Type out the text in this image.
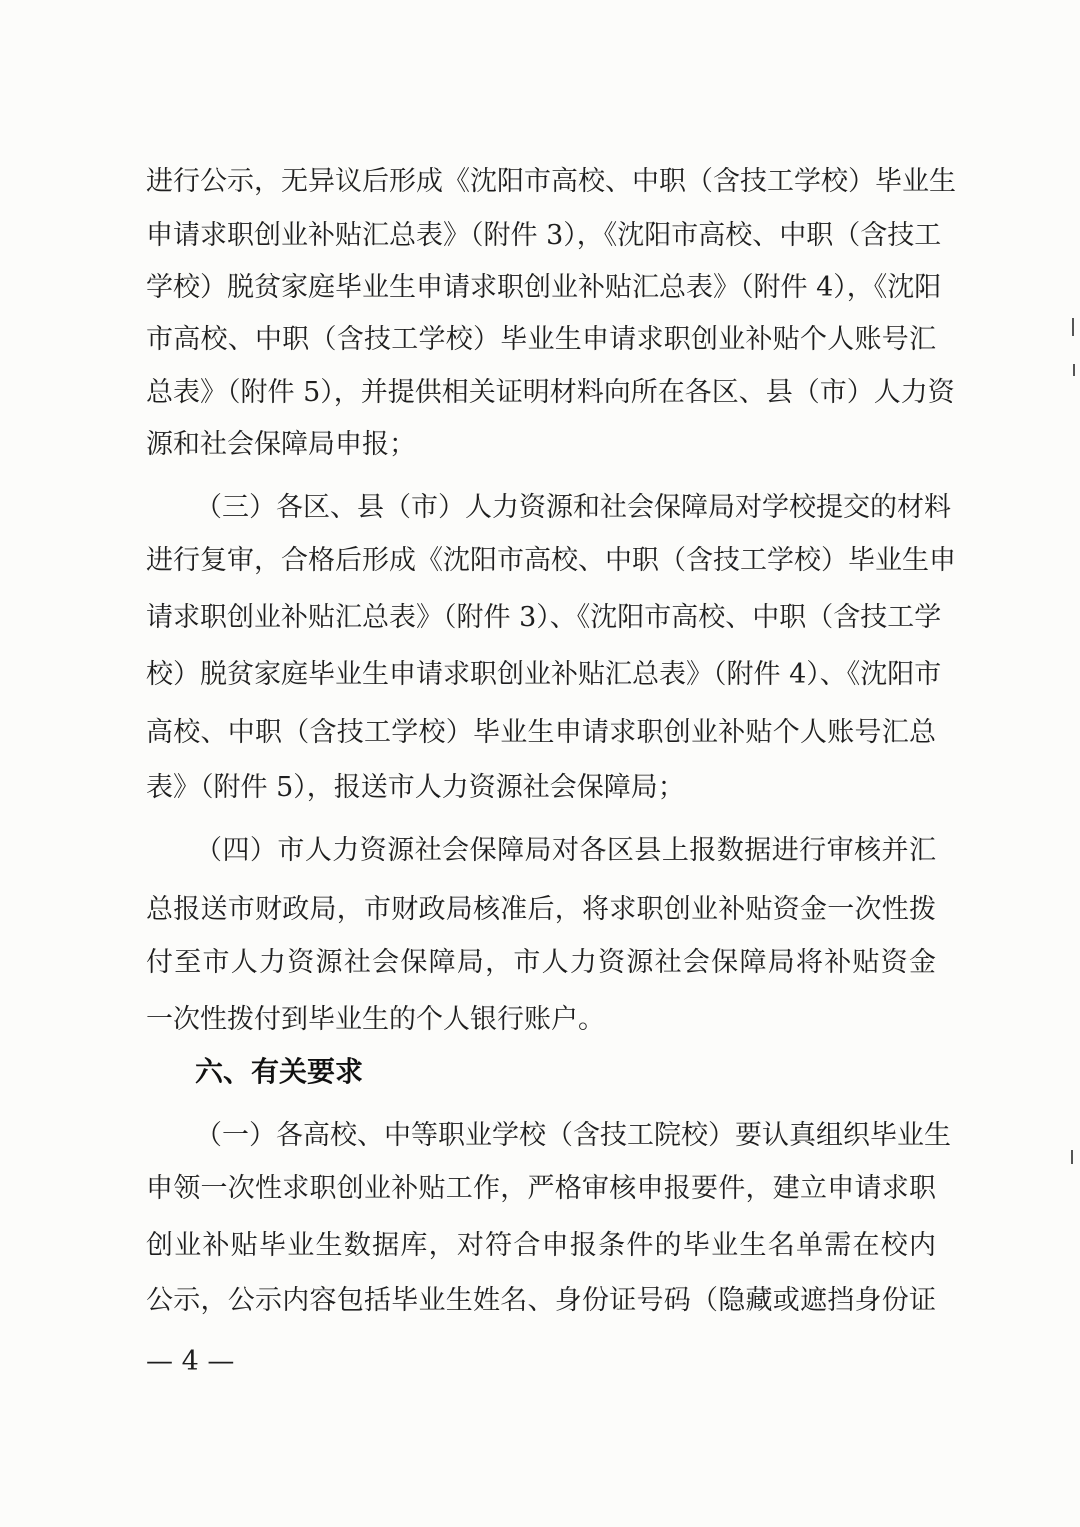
进行公示，无异议后形成《沈阳市高校、中职（含技工学校）毕业生
申请求职创业补贴汇总表》（附件 3），《沈阳市高校、中职（含技工
学校）脱贫家庭毕业生申请求职创业补贴汇总表》（附件 4），《沈阳
市高校、中职（含技工学校）毕业生申请求职创业补贴个人账号汇
总表》（附件 5），并提供相关证明材料向所在各区、县（市）人力资
源和社会保障局申报；
（三）各区、县（市）人力资源和社会保障局对学校提交的材料
进行复审，合格后形成《沈阳市高校、中职（含技工学校）毕业生申
请求职创业补贴汇总表》（附件 3）、《沈阳市高校、中职（含技工学
校）脱贫家庭毕业生申请求职创业补贴汇总表》（附件 4）、《沈阳市
高校、中职（含技工学校）毕业生申请求职创业补贴个人账号汇总
表》（附件 5），报送市人力资源社会保障局；
（四）市人力资源社会保障局对各区县上报数据进行审核并汇
总报送市财政局，市财政局核准后，将求职创业补贴资金一次性拨
付至市人力资源社会保障局，市人力资源社会保障局将补贴资金
一次性拨付到毕业生的个人银行账户。
六、有关要求
（一）各高校、中等职业学校（含技工院校）要认真组织毕业生
申领一次性求职创业补贴工作，严格审核申报要件，建立申请求职
创业补贴毕业生数据库，对符合申报条件的毕业生名单需在校内
公示，公示内容包括毕业生姓名、身份证号码（隐藏或遮挡身份证
— 4 —
